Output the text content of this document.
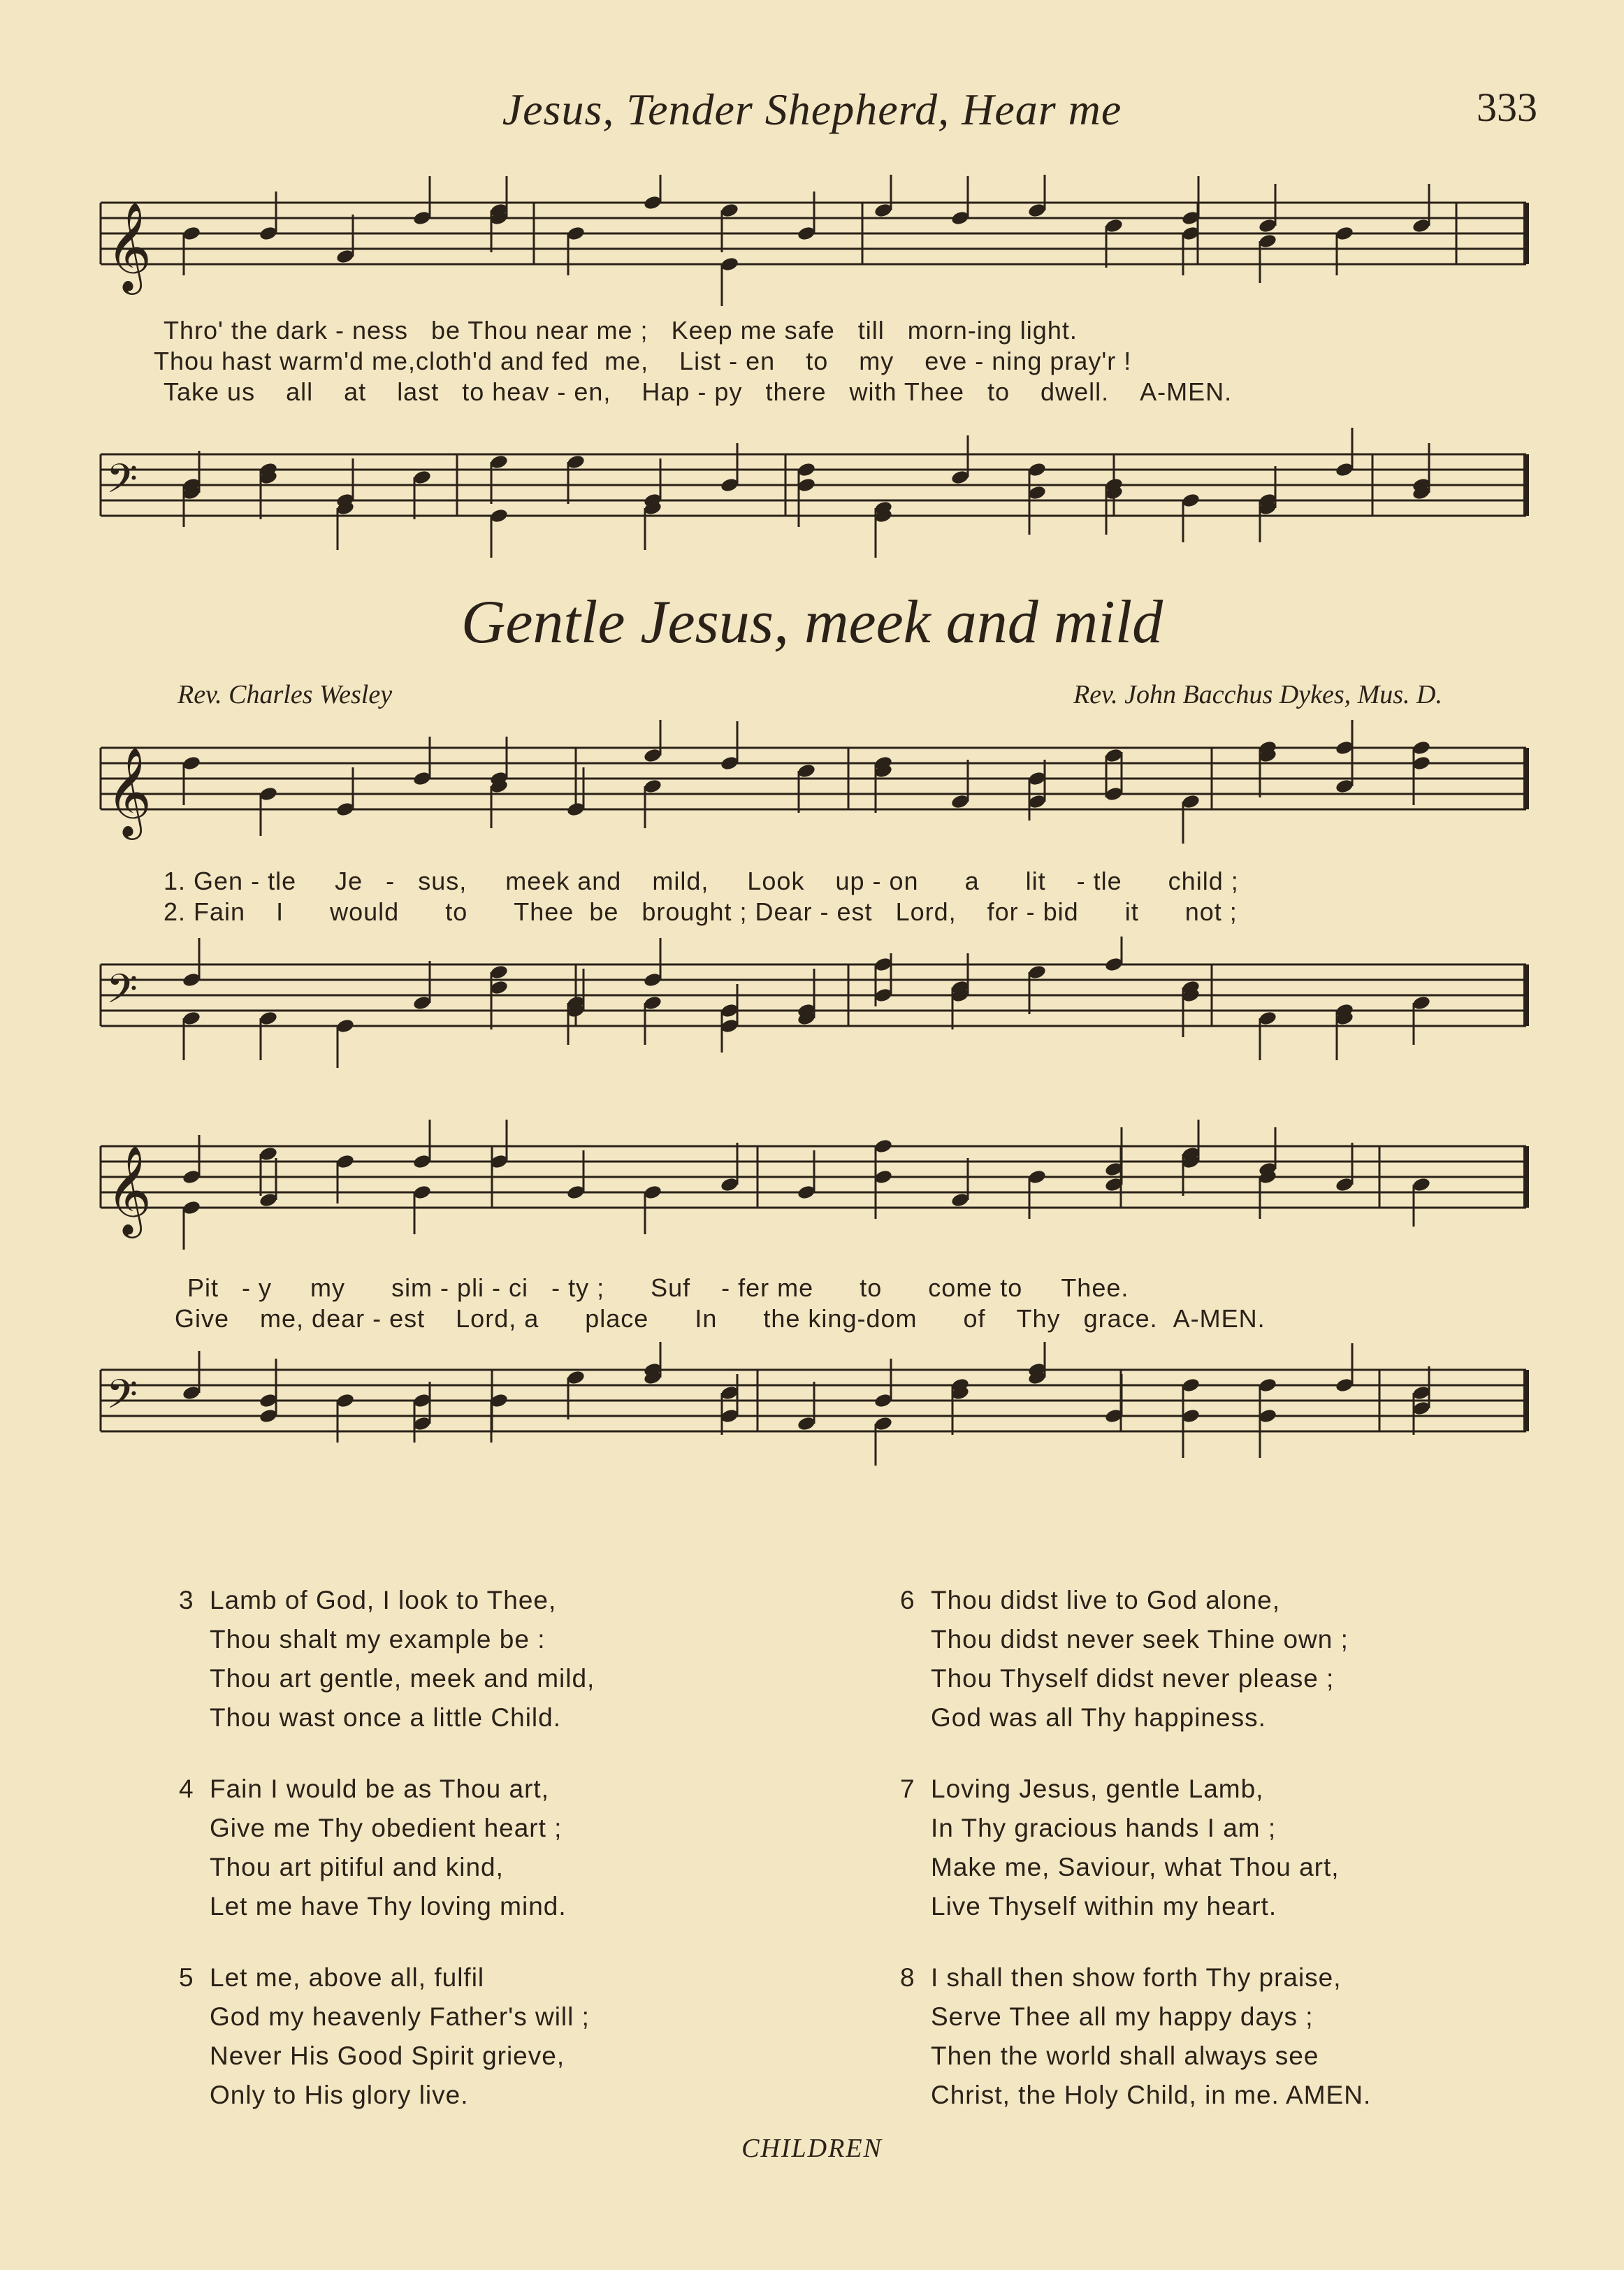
Jesus, Tender Shepherd, Hear me	333
𝄞
Thro' the dark - ness be Thou near me ; Keep me safe till morn-ing light.
Thou hast warm'd me,cloth'd and fed me, List - en to my eve - ning pray'r !
Take us all at last to heav - en, Hap - py there with Thee to dwell. A-MEN.
𝄢
Gentle Jesus, meek and mild
Rev. Charles Wesley	Rev. John Bacchus Dykes, Mus. D.
𝄞
1. Gen - tle Je - sus, meek and mild, Look up - on a lit - tle child ;
2. Fain I would to Thee be brought ; Dear - est Lord, for - bid it not ;
𝄢
𝄞
Pit - y my sim - pli - ci - ty ; Suf - fer me to come to Thee.
Give me, dear - est Lord, a place In the king-dom of Thy grace. A-MEN.
𝄢
3 Lamb of God, I look to Thee,
Thou shalt my example be :
Thou art gentle, meek and mild,
Thou wast once a little Child.
4 Fain I would be as Thou art,
Give me Thy obedient heart ;
Thou art pitiful and kind,
Let me have Thy loving mind.
5 Let me, above all, fulfil
God my heavenly Father's will ;
Never His Good Spirit grieve,
Only to His glory live.
6 Thou didst live to God alone,
Thou didst never seek Thine own ;
Thou Thyself didst never please ;
God was all Thy happiness.
7 Loving Jesus, gentle Lamb,
In Thy gracious hands I am ;
Make me, Saviour, what Thou art,
Live Thyself within my heart.
8 I shall then show forth Thy praise,
Serve Thee all my happy days ;
Then the world shall always see
Christ, the Holy Child, in me. AMEN.
CHILDREN
